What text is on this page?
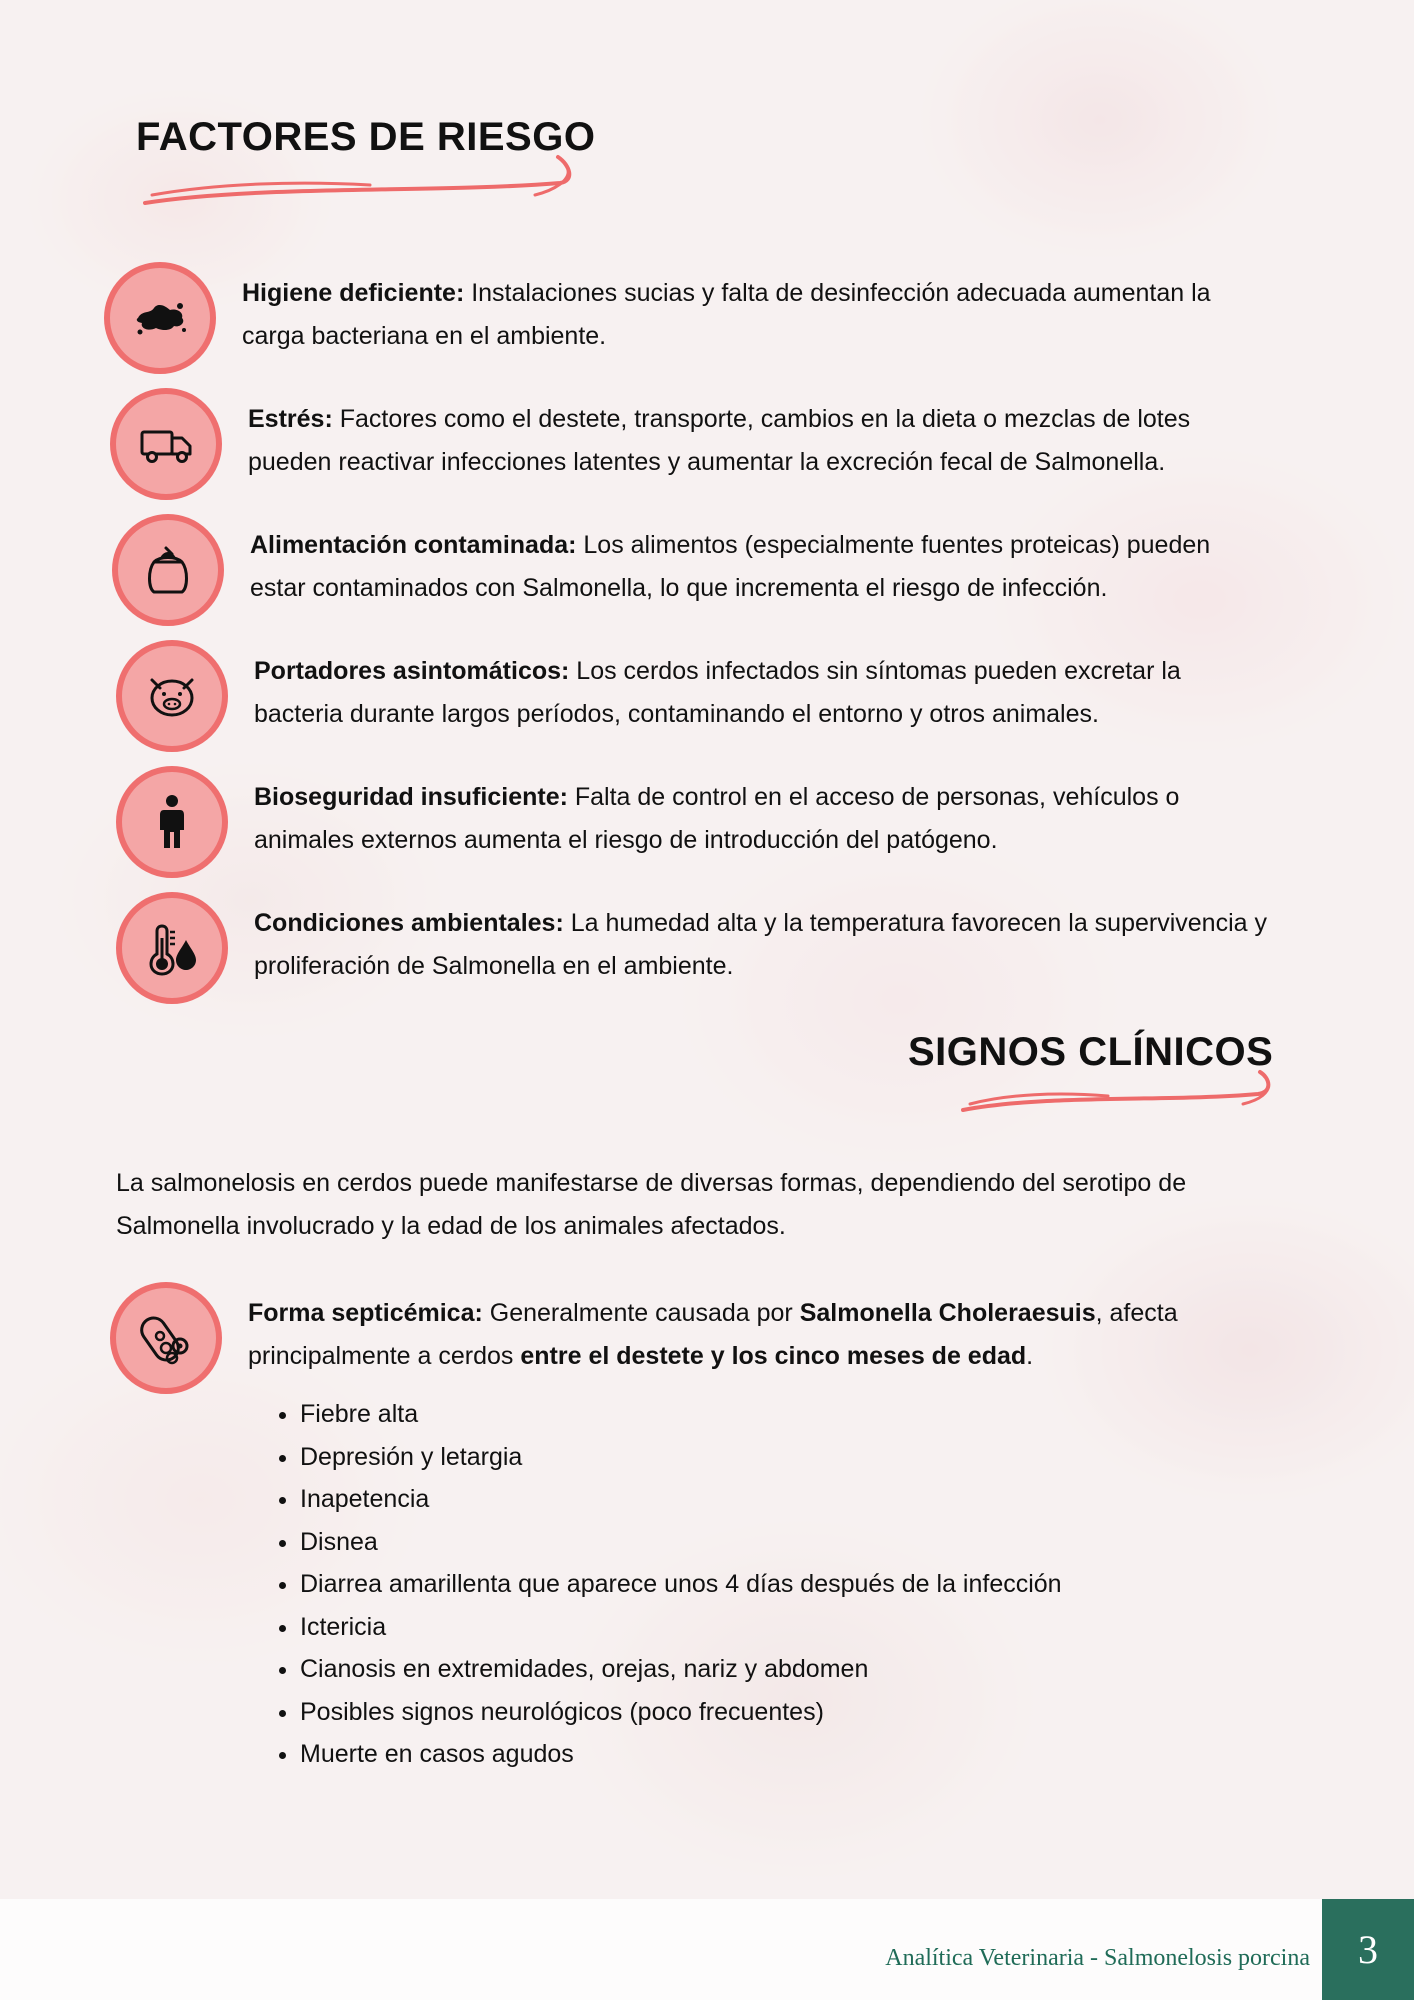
FACTORES DE RIESGO
Higiene deficiente: Instalaciones sucias y falta de desinfección adecuada aumentan la carga bacteriana en el ambiente.
Estrés: Factores como el destete, transporte, cambios en la dieta o mezclas de lotes pueden reactivar infecciones latentes y aumentar la excreción fecal de Salmonella.
Alimentación contaminada: Los alimentos (especialmente fuentes proteicas) pueden estar contaminados con Salmonella, lo que incrementa el riesgo de infección.
Portadores asintomáticos: Los cerdos infectados sin síntomas pueden excretar la bacteria durante largos períodos, contaminando el entorno y otros animales.
Bioseguridad insuficiente: Falta de control en el acceso de personas, vehículos o animales externos aumenta el riesgo de introducción del patógeno.
Condiciones ambientales: La humedad alta y la temperatura favorecen la supervivencia y proliferación de Salmonella en el ambiente.
SIGNOS CLÍNICOS
La salmonelosis en cerdos puede manifestarse de diversas formas, dependiendo del serotipo de Salmonella involucrado y la edad de los animales afectados.
Forma septicémica: Generalmente causada por Salmonella Choleraesuis, afecta principalmente a cerdos entre el destete y los cinco meses de edad.
• Fiebre alta
• Depresión y letargia
• Inapetencia
• Disnea
• Diarrea amarillenta que aparece unos 4 días después de la infección
• Ictericia
• Cianosis en extremidades, orejas, nariz y abdomen
• Posibles signos neurológicos (poco frecuentes)
• Muerte en casos agudos
Analítica Veterinaria - Salmonelosis porcina	3
